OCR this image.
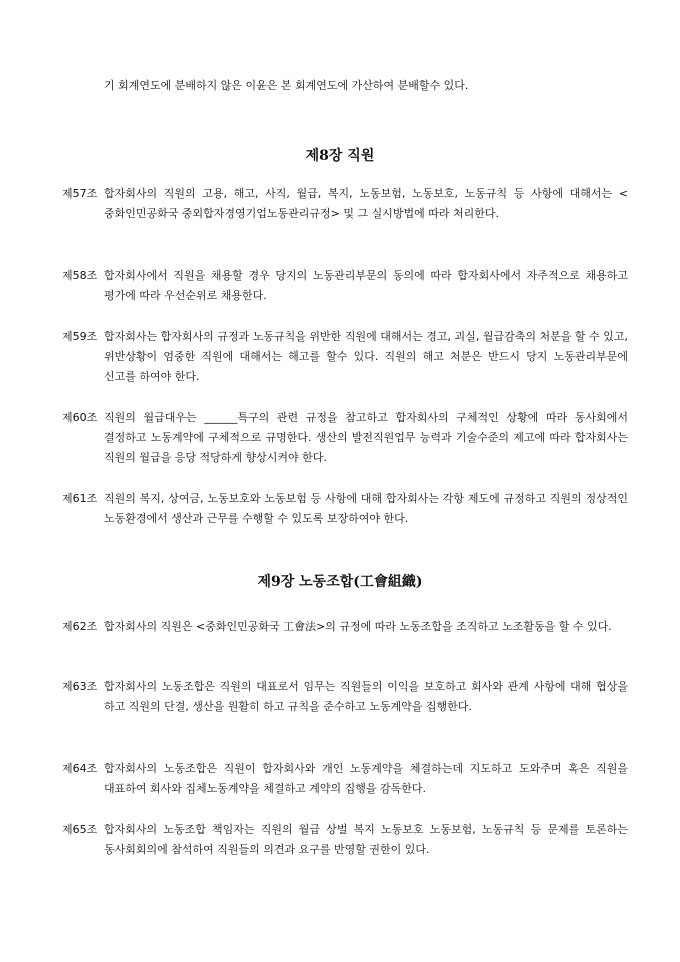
기 회계연도에 분배하지 않은 이윤은 본 회계연도에 가산하여 분배할수 있다.

제8장 직원
제57조 합자회사의 직원의 고용, 해고, 사직, 월급, 복지, 노동보험, 노동보호, 노동규칙 등 사항에 대해서는 <중화인민공화국 중외합자경영기업노동관리규정> 및 그 실시방법에 따라 처리한다.
제58조 합자회사에서 직원을 채용할 경우 당지의 노동관리부문의 동의에 따라 합자회사에서 자주적으로 채용하고 평가에 따라 우선순위로 채용한다.
제59조 합자회사는 합자회사의 규정과 노동규칙을 위반한 직원에 대해서는 경고, 괴실, 월급감축의 처분을 할 수 있고, 위반상황이 엄중한 직원에 대해서는 해고를 할수 있다. 직원의 해고 처분은 반드시 당지 노동관리부문에 신고를 하여야 한다.
제60조 직원의 월급대우는 ______특구의 관련 규정을 참고하고 합자회사의 구체적인 상황에 따라 동사회에서 결정하고 노동계약에 구체적으로 규명한다. 생산의 발전직원업무 능력과 기술수준의 제고에 따라 합자회사는 직원의 월급을 응당 적당하게 향상시켜야 한다.
제61조 직원의 복지, 상여금, 노동보호와 노동보험 등 사항에 대해 합자회사는 각항 제도에 규정하고 직원의 정상적인 노동환경에서 생산과 근무를 수행할 수 있도록 보장하여야 한다.
제9장 노동조합(工會組織)
제62조 합자회사의 직원은 <중화인민공화국 工會法>의 규정에 따라 노동조합을 조직하고 노조활동을 할 수 있다.
제63조 합자회사의 노동조합은 직원의 대표로서 임무는 직원들의 이익을 보호하고 회사와 관계 사항에 대해 협상을 하고 직원의 단결, 생산을 원활히 하고 규칙을 준수하고 노동계약을 집행한다.
제64조 합자회사의 노동조합은 직원이 합자회사와 개인 노동계약을 체결하는데 지도하고 도와주며 혹은 직원을 대표하여 회사와 집체노동계약을 체결하고 계약의 집행을 감독한다.
제65조 합자회사의 노동조합 책임자는 직원의 월급 상벌 복지 노동보호 노동보험, 노동규칙 등 문제를 토론하는 동사회회의에 참석하여 직원들의 의견과 요구를 반영할 권한이 있다.
